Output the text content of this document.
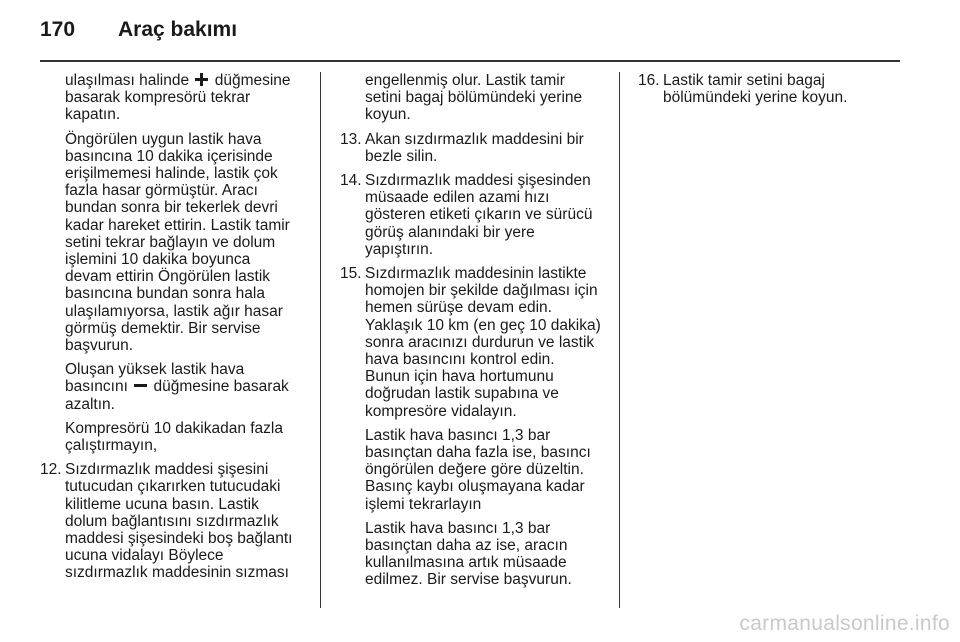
170 Araç bakımı
ulaşılması halinde düğmesine
basarak kompresörü tekrar
kapatın.
Öngörülen uygun lastik hava
basıncına 10 dakika içerisinde
erişilmemesi halinde, lastik çok
fazla hasar görmüştür. Aracı
bundan sonra bir tekerlek devri
kadar hareket ettirin. Lastik tamir
setini tekrar bağlayın ve dolum
işlemini 10 dakika boyunca
devam ettirin Öngörülen lastik
basıncına bundan sonra hala
ulaşılamıyorsa, lastik ağır hasar
görmüş demektir. Bir servise
başvurun.
Oluşan yüksek lastik hava
basıncını düğmesine basarak
azaltın.
Kompresörü 10 dakikadan fazla
çalıştırmayın,
12. Sızdırmazlık maddesi şişesini
tutucudan çıkarırken tutucudaki
kilitleme ucuna basın. Lastik
dolum bağlantısını sızdırmazlık
maddesi şişesindeki boş bağlantı
ucuna vidalayı Böylece
sızdırmazlık maddesinin sızması
engellenmiş olur. Lastik tamir
setini bagaj bölümündeki yerine
koyun.
13. Akan sızdırmazlık maddesini bir
bezle silin.
14. Sızdırmazlık maddesi şişesinden
müsaade edilen azami hızı
gösteren etiketi çıkarın ve sürücü
görüş alanındaki bir yere
yapıştırın.
15. Sızdırmazlık maddesinin lastikte
homojen bir şekilde dağılması için
hemen sürüşe devam edin.
Yaklaşık 10 km (en geç 10 dakika)
sonra aracınızı durdurun ve lastik
hava basıncını kontrol edin.
Bunun için hava hortumunu
doğrudan lastik supabına ve
kompresöre vidalayın.
Lastik hava basıncı 1,3 bar
basınçtan daha fazla ise, basıncı
öngörülen değere göre düzeltin.
Basınç kaybı oluşmayana kadar
işlemi tekrarlayın
Lastik hava basıncı 1,3 bar
basınçtan daha az ise, aracın
kullanılmasına artık müsaade
edilmez. Bir servise başvurun.
16. Lastik tamir setini bagaj
bölümündeki yerine koyun.
carmanualsonline.info
